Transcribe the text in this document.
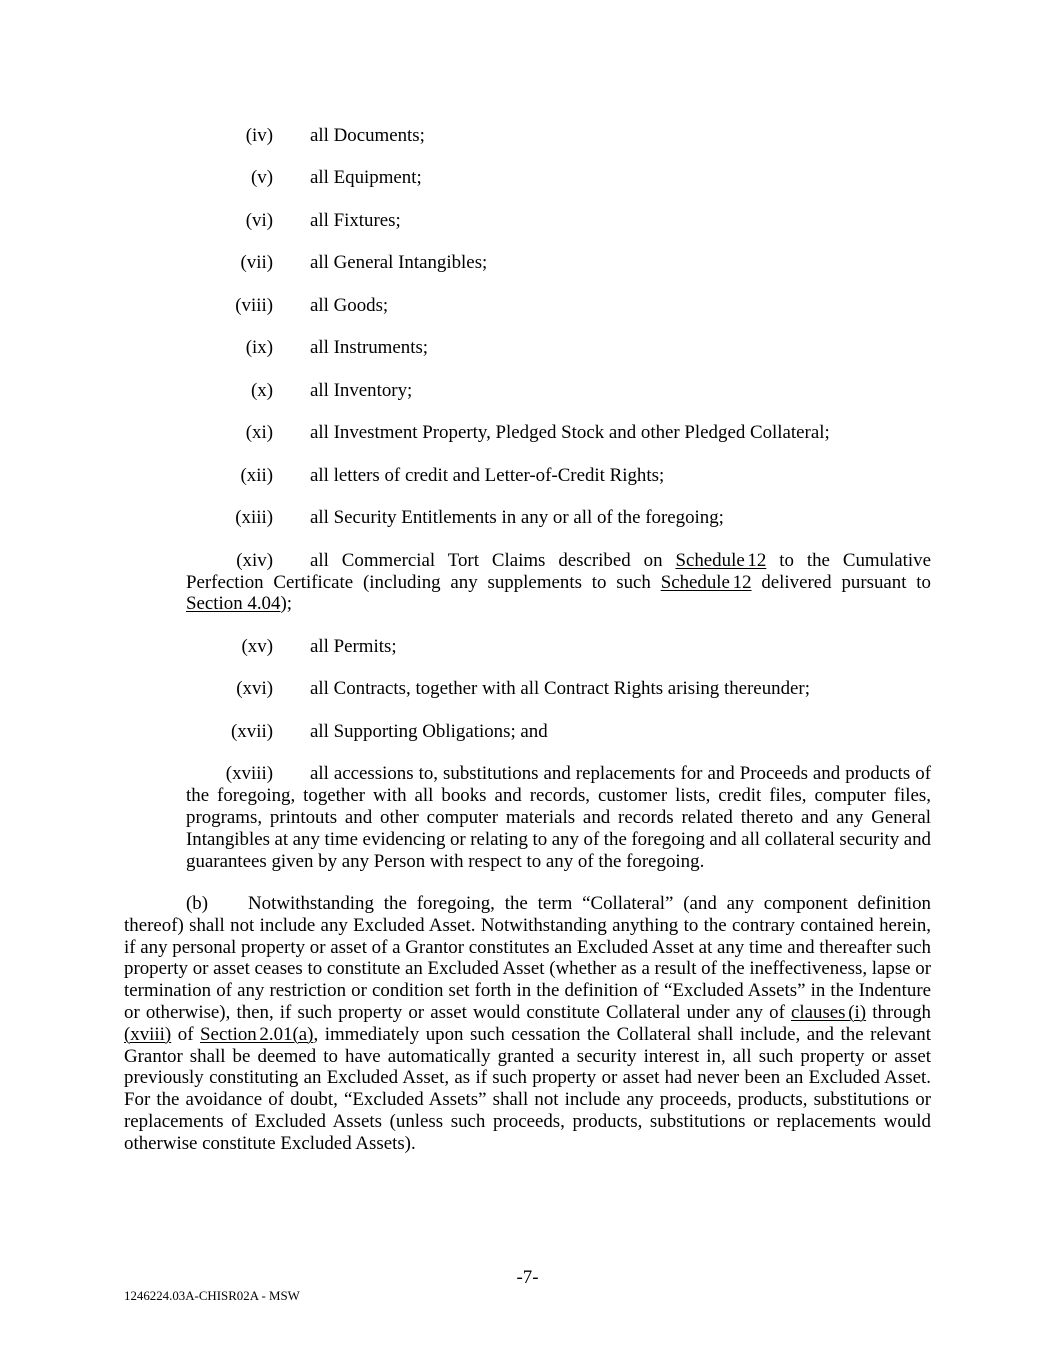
(iv) all Documents;
(v) all Equipment;
(vi) all Fixtures;
(vii) all General Intangibles;
(viii) all Goods;
(ix) all Instruments;
(x) all Inventory;
(xi) all Investment Property, Pledged Stock and other Pledged Collateral;
(xii) all letters of credit and Letter-of-Credit Rights;
(xiii) all Security Entitlements in any or all of the foregoing;
(xiv) all Commercial Tort Claims described on Schedule 12 to the Cumulative
Perfection Certificate (including any supplements to such Schedule 12 delivered pursuant to
Section 4.04);
(xv) all Permits;
(xvi) all Contracts, together with all Contract Rights arising thereunder;
(xvii) all Supporting Obligations; and
(xviii) all accessions to, substitutions and replacements for and Proceeds and products of
the foregoing, together with all books and records, customer lists, credit files, computer files,
programs, printouts and other computer materials and records related thereto and any General
Intangibles at any time evidencing or relating to any of the foregoing and all collateral security and
guarantees given by any Person with respect to any of the foregoing.
(b)	Notwithstanding the foregoing, the term “Collateral” (and any component definition
thereof) shall not include any Excluded Asset. Notwithstanding anything to the contrary contained herein,
if any personal property or asset of a Grantor constitutes an Excluded Asset at any time and thereafter such
property or asset ceases to constitute an Excluded Asset (whether as a result of the ineffectiveness, lapse or
termination of any restriction or condition set forth in the definition of “Excluded Assets” in the Indenture
or otherwise), then, if such property or asset would constitute Collateral under any of clauses (i) through
(xviii) of Section 2.01(a), immediately upon such cessation the Collateral shall include, and the relevant
Grantor shall be deemed to have automatically granted a security interest in, all such property or asset
previously constituting an Excluded Asset, as if such property or asset had never been an Excluded Asset.
For the avoidance of doubt, “Excluded Assets” shall not include any proceeds, products, substitutions or
replacements of Excluded Assets (unless such proceeds, products, substitutions or replacements would
otherwise constitute Excluded Assets).
-7-
1246224.03A-CHISR02A - MSW
